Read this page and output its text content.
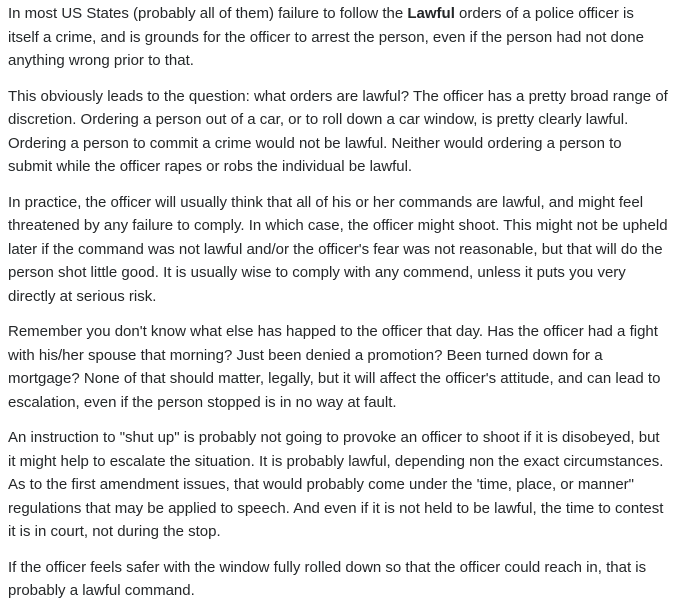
In most US States (probably all of them) failure to follow the Lawful orders of a police officer is itself a crime, and is grounds for the officer to arrest the person, even if the person had not done anything wrong prior to that.

This obviously leads to the question: what orders are lawful? The officer has a pretty broad range of discretion. Ordering a person out of a car, or to roll down a car window, is pretty clearly lawful. Ordering a person to commit a crime would not be lawful. Neither would ordering a person to submit while the officer rapes or robs the individual be lawful.

In practice, the officer will usually think that all of his or her commands are lawful, and might feel threatened by any failure to comply. In which case, the officer might shoot. This might not be upheld later if the command was not lawful and/or the officer's fear was not reasonable, but that will do the person shot little good. It is usually wise to comply with any commend, unless it puts you very directly at serious risk.

Remember you don't know what else has happed to the officer that day. Has the officer had a fight with his/her spouse that morning? Just been denied a promotion? Been turned down for a mortgage? None of that should matter, legally, but it will affect the officer's attitude, and can lead to escalation, even if the person stopped is in no way at fault.

An instruction to "shut up" is probably not going to provoke an officer to shoot if it is disobeyed, but it might help to escalate the situation. It is probably lawful, depending non the exact circumstances. As to the first amendment issues, that would probably come under the 'time, place, or manner" regulations that may be applied to speech. And even if it is not held to be lawful, the time to contest it is in court, not during the stop.

If the officer feels safer with the window fully rolled down so that the officer could reach in, that is probably a lawful command.
